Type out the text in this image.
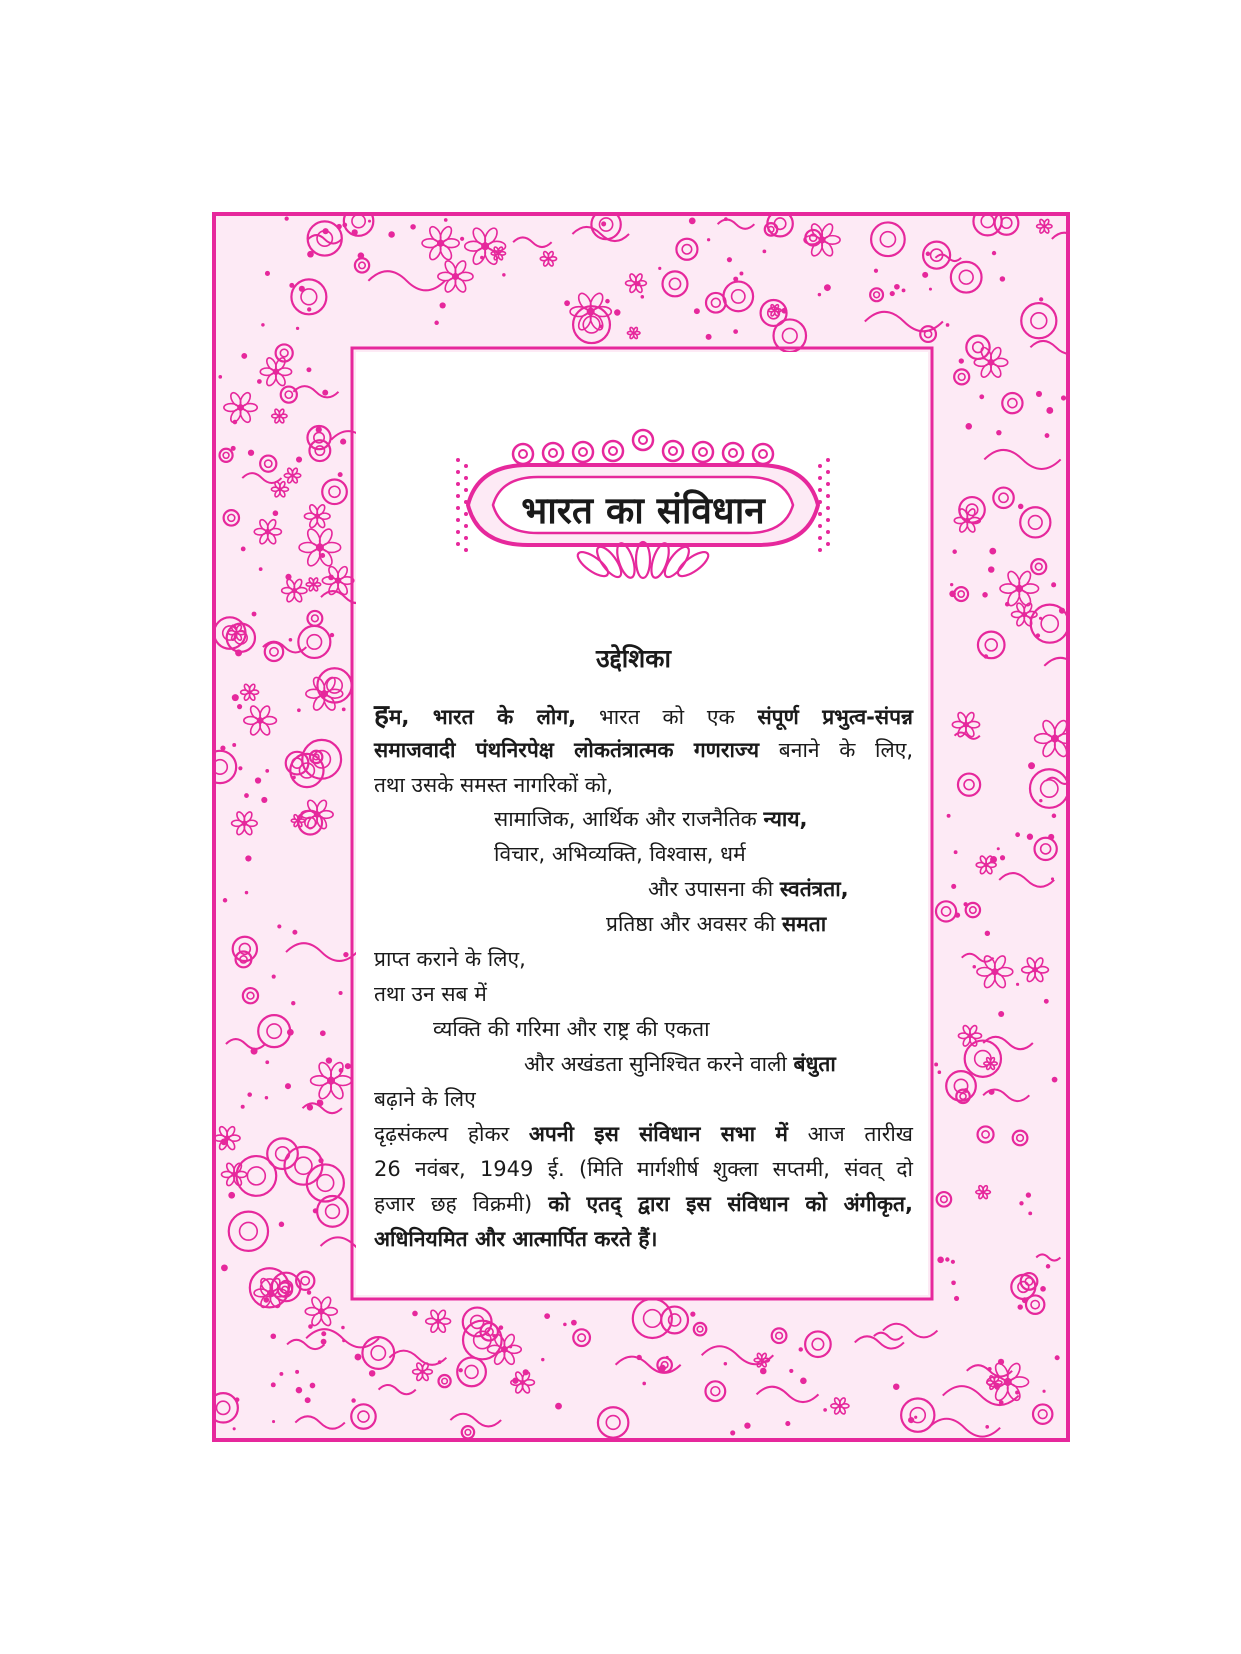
भारत का संविधान
उद्देशिका
हम, भारत के लोग, भारत को एक संपूर्ण प्रभुत्व-संपन्न
समाजवादी पंथनिरपेक्ष लोकतंत्रात्मक गणराज्य बनाने के लिए,
तथा उसके समस्त नागरिकों को,
सामाजिक, आर्थिक और राजनैतिक न्याय,
विचार, अभिव्यक्ति, विश्वास, धर्म
और उपासना की स्वतंत्रता,
प्रतिष्ठा और अवसर की समता
प्राप्त कराने के लिए,
तथा उन सब में
व्यक्ति की गरिमा और राष्ट्र की एकता
और अखंडता सुनिश्चित करने वाली बंधुता
बढ़ाने के लिए
दृढ़संकल्प होकर अपनी इस संविधान सभा में आज तारीख
26 नवंबर, 1949 ई. (मिति मार्गशीर्ष शुक्ला सप्तमी, संवत् दो
हजार छह विक्रमी) को एतद् द्वारा इस संविधान को अंगीकृत,
अधिनियमित और आत्मार्पित करते हैं।
